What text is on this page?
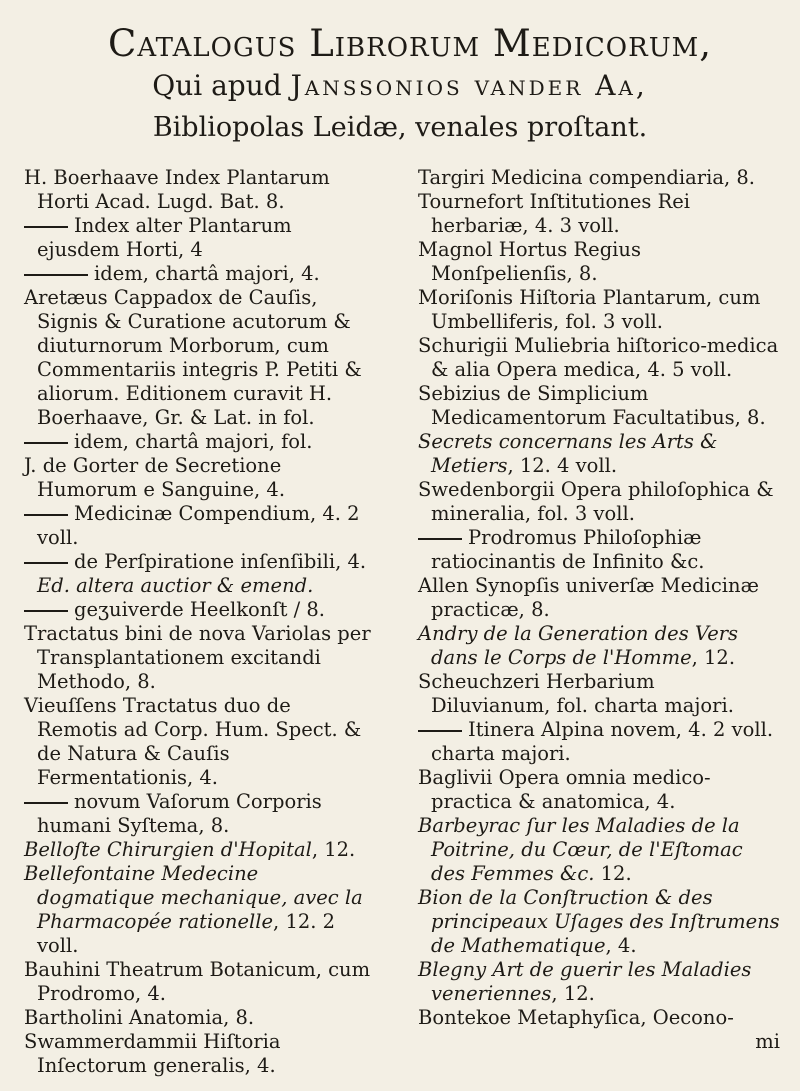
Catalogus Librorum Medicorum,
Qui apud Janssonios vander Aa,
Bibliopolas Leidæ, venales proſtant.

H. Boerhaave Index Plantarum Horti Acad. Lugd. Bat. 8.

Index alter Plantarum ejusdem Horti, 4

idem, chartâ majori, 4.

Aretæus Cappadox de Cauſis, Signis & Curatione acutorum & diuturnorum Morborum, cum Commentariis integris P. Petiti & aliorum. Editionem curavit H. Boerhaave, Gr. & Lat. in fol.

idem, chartâ majori, fol.

J. de Gorter de Secretione Humorum e Sanguine, 4.

Medicinæ Compendium, 4. 2 voll.

de Perſpiratione inſenſibili, 4. Ed. altera auctior & emend.

geʒuiverde Heelkonſt / 8.

Tractatus bini de nova Variolas per Transplantationem excitandi Methodo, 8.

Vieuſſens Tractatus duo de Remotis ad Corp. Hum. Spect. & de Natura & Cauſis Fermentationis, 4.

novum Vaſorum Corporis humani Syſtema, 8.

Belloſte Chirurgien d'Hopital, 12.

Bellefontaine Medecine dogmatique mechanique, avec la Pharmacopée rationelle, 12. 2 voll.

Bauhini Theatrum Botanicum, cum Prodromo, 4.

Bartholini Anatomia, 8.

Swammerdammii Hiſtoria Inſectorum generalis, 4.

Targiri Medicina compendiaria, 8.

Tournefort Inſtitutiones Rei herbariæ, 4. 3 voll.

Magnol Hortus Regius Monſpelienſis, 8.

Moriſonis Hiſtoria Plantarum, cum Umbelliferis, fol. 3 voll.

Schurigii Muliebria hiſtorico-medica & alia Opera medica, 4. 5 voll.

Sebizius de Simplicium Medicamentorum Facultatibus, 8.

Secrets concernans les Arts & Metiers, 12. 4 voll.

Swedenborgii Opera philoſophica & mineralia, fol. 3 voll.

Prodromus Philoſophiæ ratiocinantis de Infinito &c.

Allen Synopſis univerſæ Medicinæ practicæ, 8.

Andry de la Generation des Vers dans le Corps de l'Homme, 12.

Scheuchzeri Herbarium Diluvianum, fol. charta majori.

Itinera Alpina novem, 4. 2 voll. charta majori.

Baglivii Opera omnia medico-practica & anatomica, 4.

Barbeyrac ſur les Maladies de la Poitrine, du Cœur, de l'Eſtomac des Femmes &c. 12.

Bion de la Conſtruction & des principeaux Uſages des Inſtrumens de Mathematique, 4.

Blegny Art de guerir les Maladies veneriennes, 12.

Bontekoe Metaphyſica, Oecono-

mi
